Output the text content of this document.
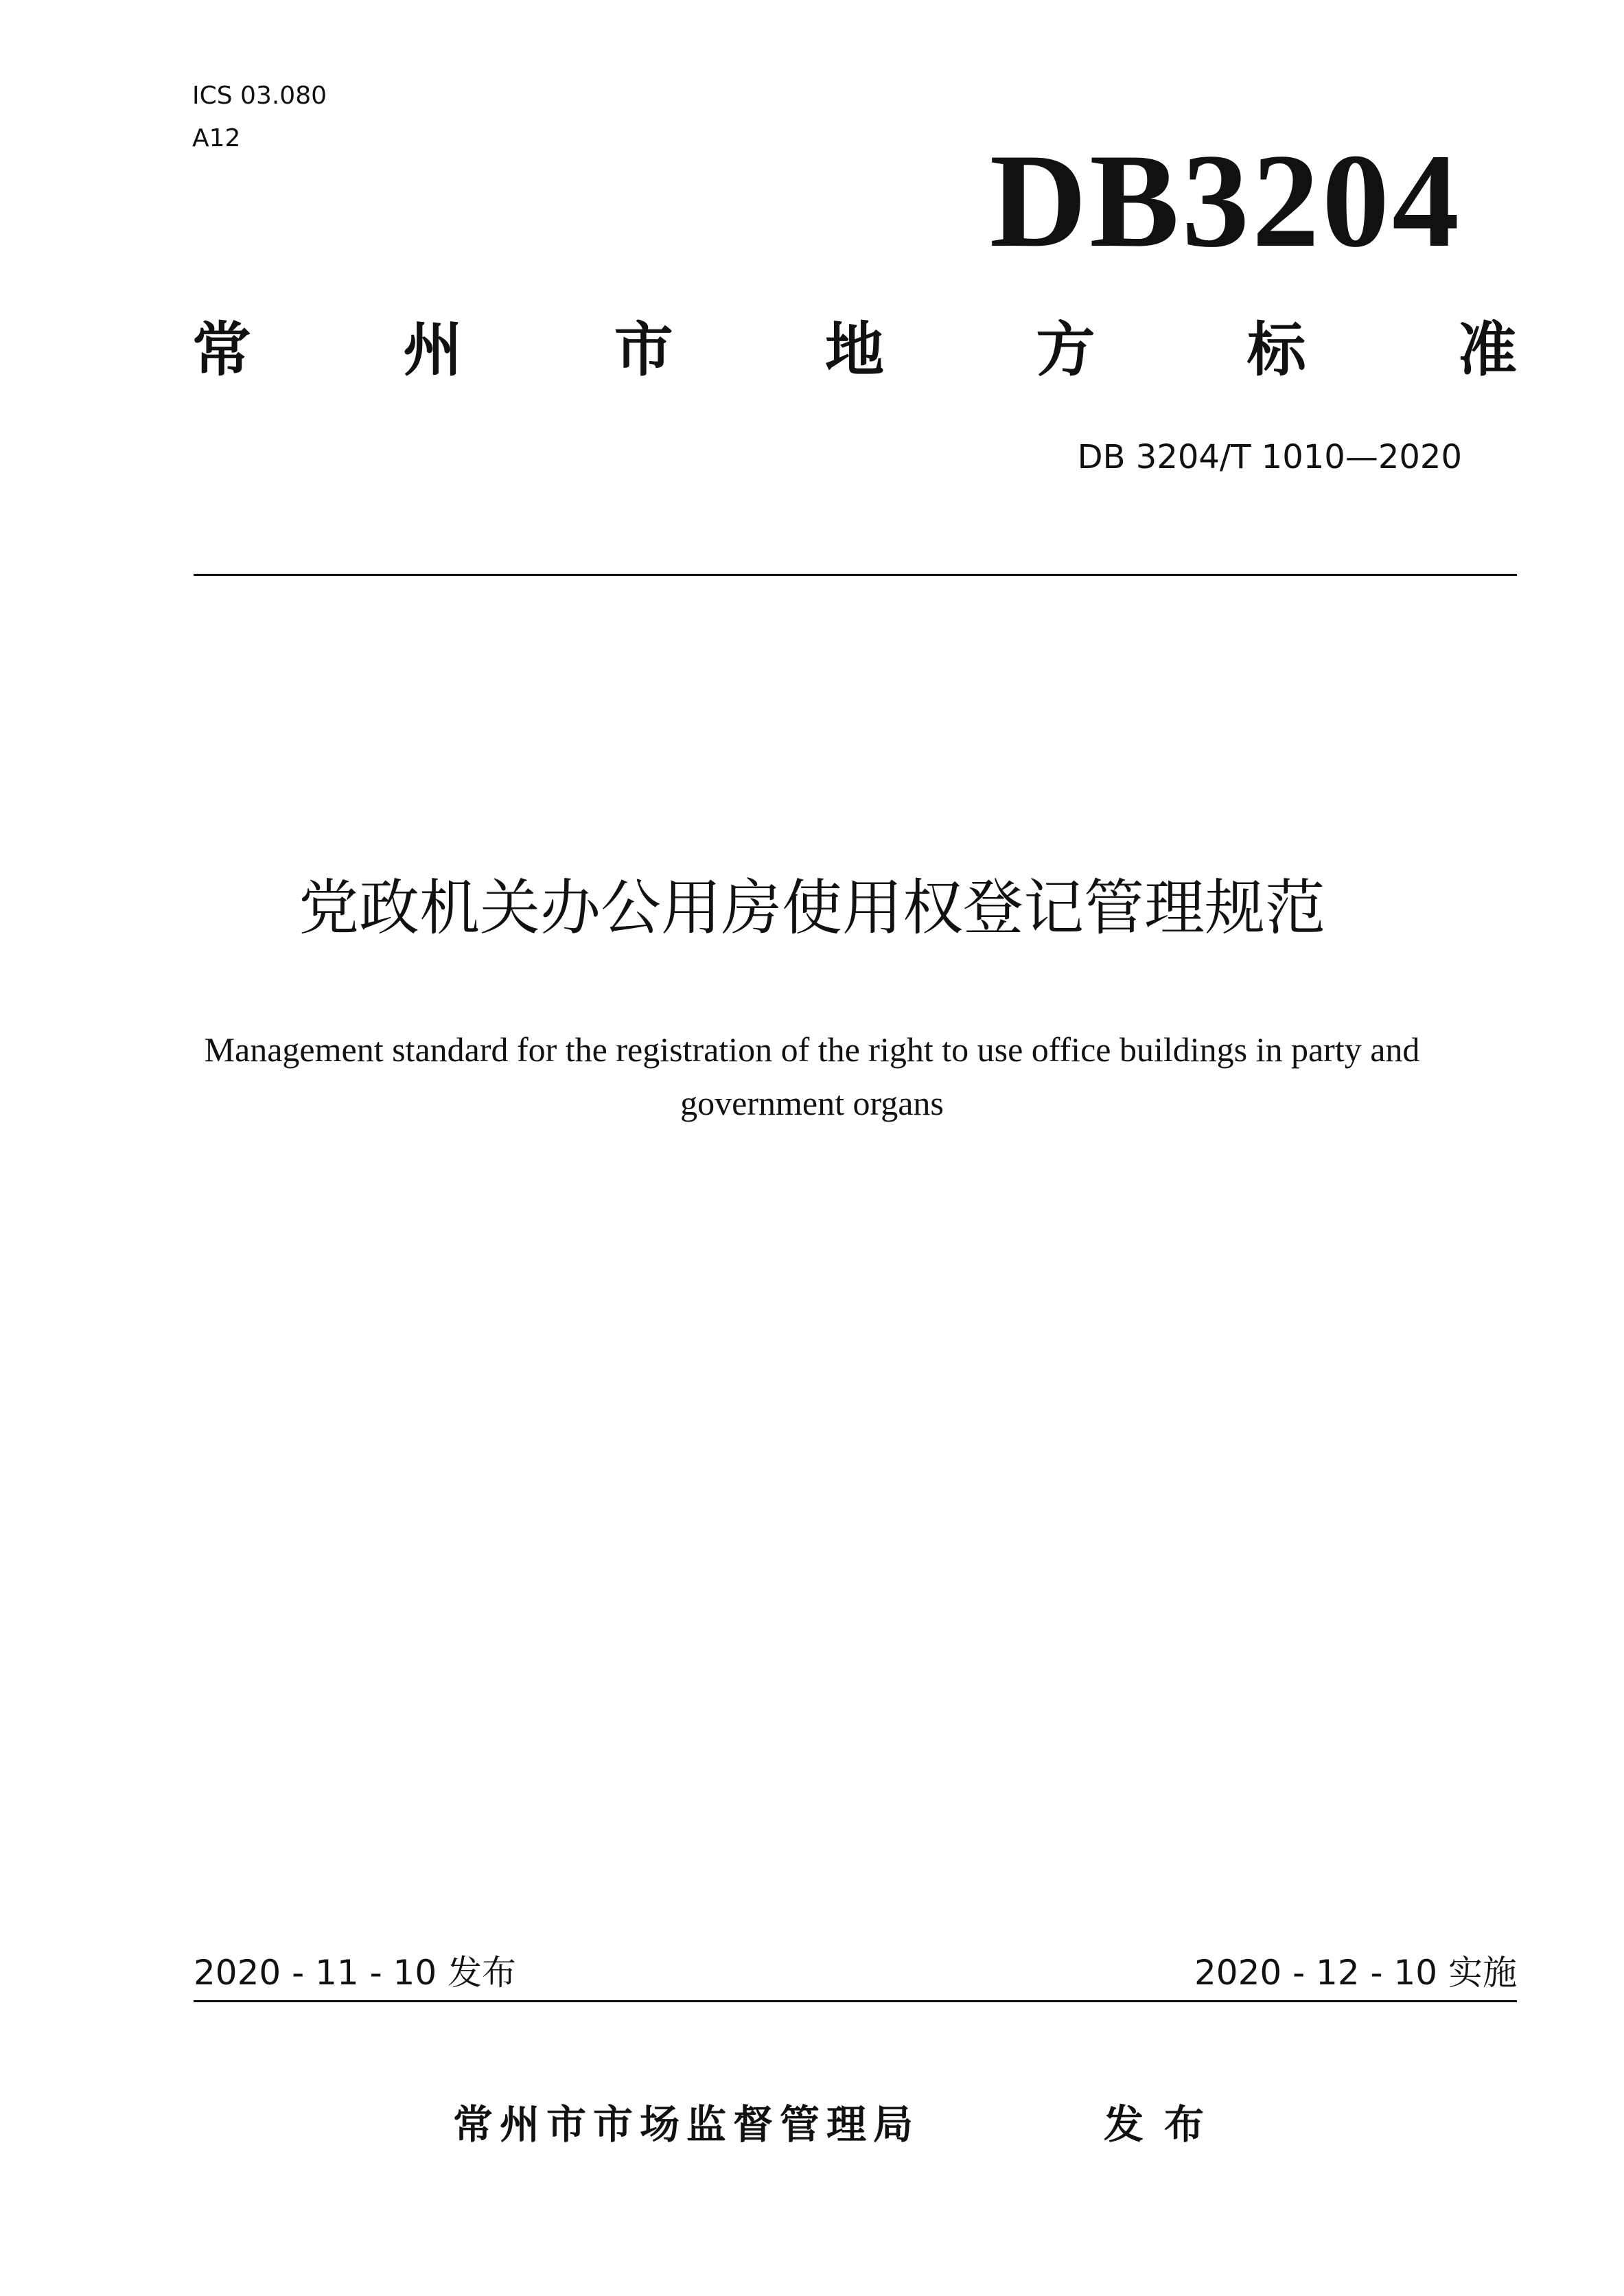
ICS 03.080
A12	DB3204
常	州	市	地	方	标	准
DB 3204/T 1010—2020
党政机关办公用房使用权登记管理规范
Management standard for the registration of the right to use office buildings in party and government organs
2020 - 11 - 10 发布	2020 - 12 - 10 实施
常州市市场监督管理局	发布
